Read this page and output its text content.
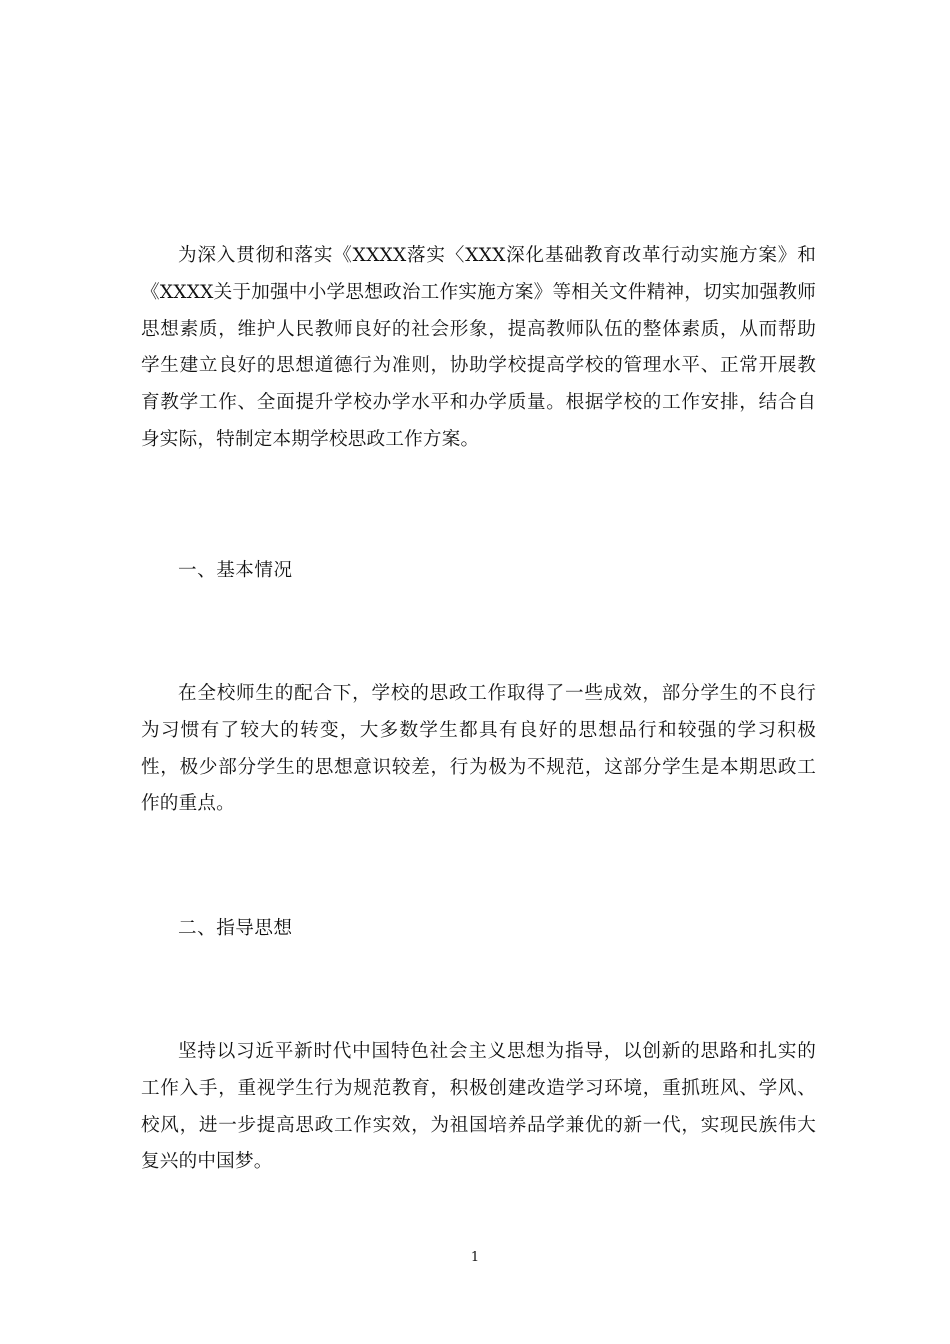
为深入贯彻和落实《XXXX落实〈XXX深化基础教育改革行动实施方案》和《XXXX关于加强中小学思想政治工作实施方案》等相关文件精神，切实加强教师思想素质，维护人民教师良好的社会形象，提高教师队伍的整体素质，从而帮助学生建立良好的思想道德行为准则，协助学校提高学校的管理水平、正常开展教育教学工作、全面提升学校办学水平和办学质量。根据学校的工作安排，结合自身实际，特制定本期学校思政工作方案。

一、基本情况

在全校师生的配合下，学校的思政工作取得了一些成效，部分学生的不良行为习惯有了较大的转变，大多数学生都具有良好的思想品行和较强的学习积极性，极少部分学生的思想意识较差，行为极为不规范，这部分学生是本期思政工作的重点。

二、指导思想

坚持以习近平新时代中国特色社会主义思想为指导，以创新的思路和扎实的工作入手，重视学生行为规范教育，积极创建改造学习环境，重抓班风、学风、校风，进一步提高思政工作实效，为祖国培养品学兼优的新一代，实现民族伟大复兴的中国梦。

1
